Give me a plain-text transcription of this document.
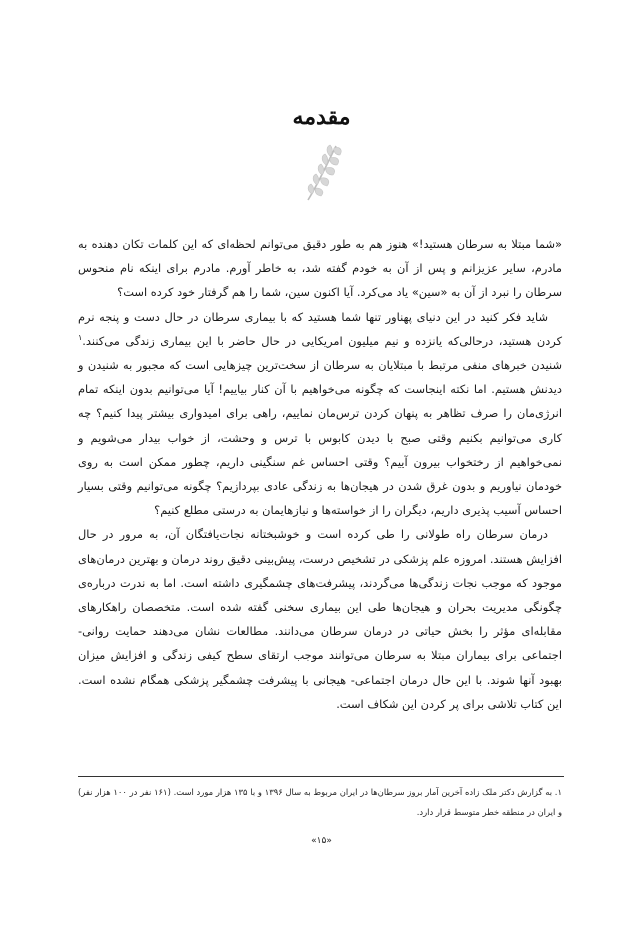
مقدمه

«شما مبتلا به سرطان هستید!» هنوز هم به طور دقیق می‌توانم لحظه‌ای که این کلمات تکان دهنده به مادرم، سایر عزیزانم و پس از آن به خودم گفته شد، به خاطر آورم. مادرم برای اینکه نام منحوس سرطان را نبرد از آن به «سین» یاد می‌کرد. آیا اکنون سین، شما را هم گرفتار خود کرده است؟

شاید فکر کنید در این دنیای پهناور تنها شما هستید که با بیماری سرطان در حال دست و پنجه نرم کردن هستید، درحالی‌که یانزده و نیم میلیون امریکایی در حال حاضر با این بیماری زندگی می‌کنند.$^۱$ شنیدن خبرهای منفی مرتبط با مبتلایان به سرطان از سخت‌ترین چیزهایی است که مجبور به شنیدن و دیدنش هستیم. اما نکته اینجاست که چگونه می‌خواهیم با آن کنار بیاییم! آیا می‌توانیم بدون اینکه تمام انرژی‌مان را صرف تظاهر به پنهان کردن ترس‌مان نماییم، راهی برای امیدواری بیشتر پیدا کنیم؟ چه کاری می‌توانیم بکنیم وقتی صبح با دیدن کابوس با ترس و وحشت، از خواب بیدار می‌شویم و نمی‌خواهیم از رختخواب بیرون آییم؟ وقتی احساس غم سنگینی داریم، چطور ممکن است به روی خودمان نیاوریم و بدون غرق شدن در هیجان‌ها به زندگی عادی بپردازیم؟ چگونه می‌توانیم وقتی بسیار احساس آسیب پذیری داریم، دیگران را از خواسته‌ها و نیازهایمان به درستی مطلع کنیم؟

درمان سرطان راه طولانی را طی کرده است و خوشبختانه نجات‌یافتگان آن، به مرور در حال افزایش هستند. امروزه علم پزشکی در تشخیص درست، پیش‌بینی دقیق روند درمان و بهترین درمان‌های موجود که موجب نجات زندگی‌ها می‌گردند، پیشرفت‌های چشمگیری داشته است. اما به ندرت درباره‌ی چگونگی مدیریت بحران و هیجان‌ها طی این بیماری سخنی گفته شده است. متخصصان راهکارهای مقابله‌ای مؤثر را بخش حیاتی در درمان سرطان می‌دانند. مطالعات نشان می‌دهند حمایت روانی-اجتماعی برای بیماران مبتلا به سرطان می‌توانند موجب ارتقای سطح کیفی زندگی و افزایش میزان بهبود آنها شوند. با این حال درمان اجتماعی- هیجانی با پیشرفت چشمگیر پزشکی همگام نشده است. این کتاب تلاشی برای پر کردن این شکاف است.

۱. به گزارش دکتر ملک زاده آخرین آمار بروز سرطان‌ها در ایران مربوط به سال ۱۳۹۶ و با ۱۳۵ هزار مورد است. (۱۶۱ نفر در ۱۰۰ هزار نفر) و ایران در منطقه خطر متوسط قرار دارد.
«۱۵»
